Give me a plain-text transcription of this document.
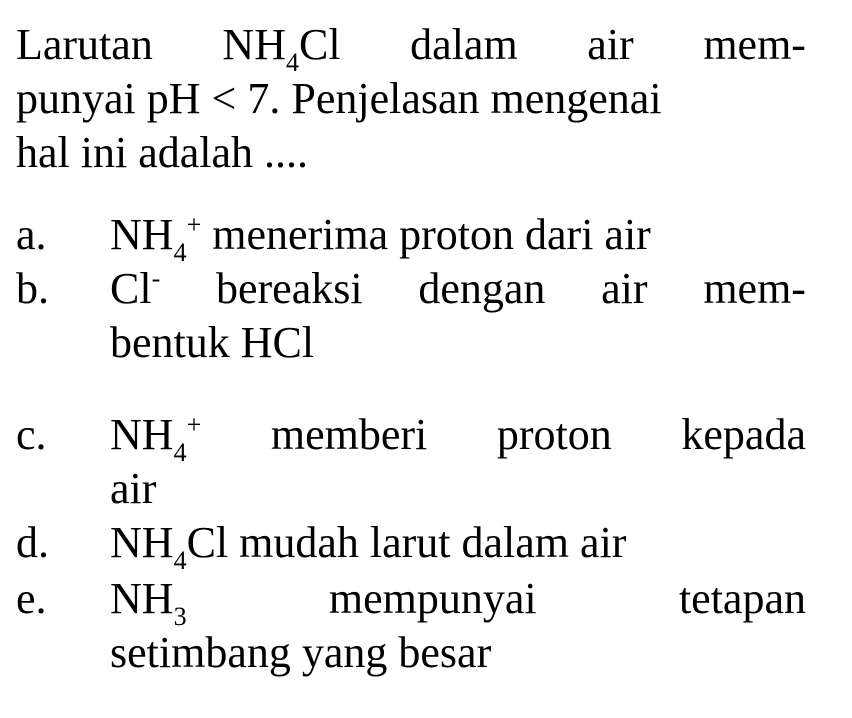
Larutan $NH_4Cl$ dalam air mem-
punyai pH < 7. Penjelasan mengenai
hal ini adalah ....
a.	$NH_4^+$ menerima proton dari air
b.	Cl- bereaksi dengan air mem-
bentuk HCl
c.	$NH_4^+$ memberi proton kepada
air
d.	$NH_4Cl$ mudah larut dalam air
e.	$NH_3$	mempunyai	tetapan
setimbang yang besar
